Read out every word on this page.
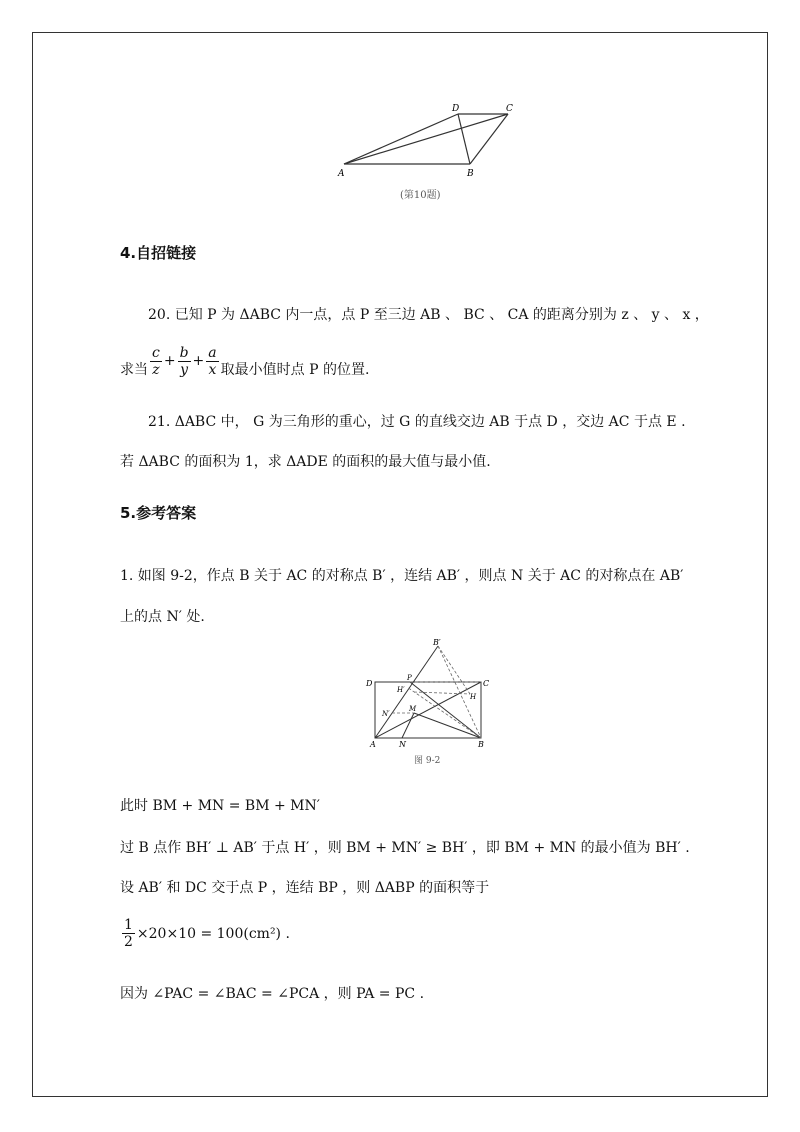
A	B
C
D
(第10题)
4.自招链接
20. 已知 P 为 ΔABC 内一点，点 P 至三边 AB 、 BC 、 CA 的距离分别为 z 、 y 、 x ，
求当 $\frac{c}{z} + \frac{b}{y} + \frac{a}{x}$ 取最小值时点 P 的位置.
21. ΔABC 中， G 为三角形的重心，过 G 的直线交边 AB 于点 D ，交边 AC 于点 E .
若 ΔABC 的面积为 1，求 ΔADE 的面积的最大值与最小值.
5.参考答案
1. 如图 9-2，作点 B 关于 AC 的对称点 B′ ，连结 AB′ ，则点 N 关于 AC 的对称点在 AB′
上的点 N′ 处.
B′
D	C
P
H′
H
M
N′
A	N	B
图 9-2
此时 BM + MN = BM + MN′
过 B 点作 BH′ ⊥ AB′ 于点 H′ ，则 BM + MN′ ≥ BH′ ，即 BM + MN 的最小值为 BH′ .
设 AB′ 和 DC 交于点 P ，连结 BP ，则 ΔABP 的面积等于
$\frac{1}{2} \times 20\times 10 = 100(cm^2)$ .
因为 ∠PAC = ∠BAC = ∠PCA ，则 PA = PC .
